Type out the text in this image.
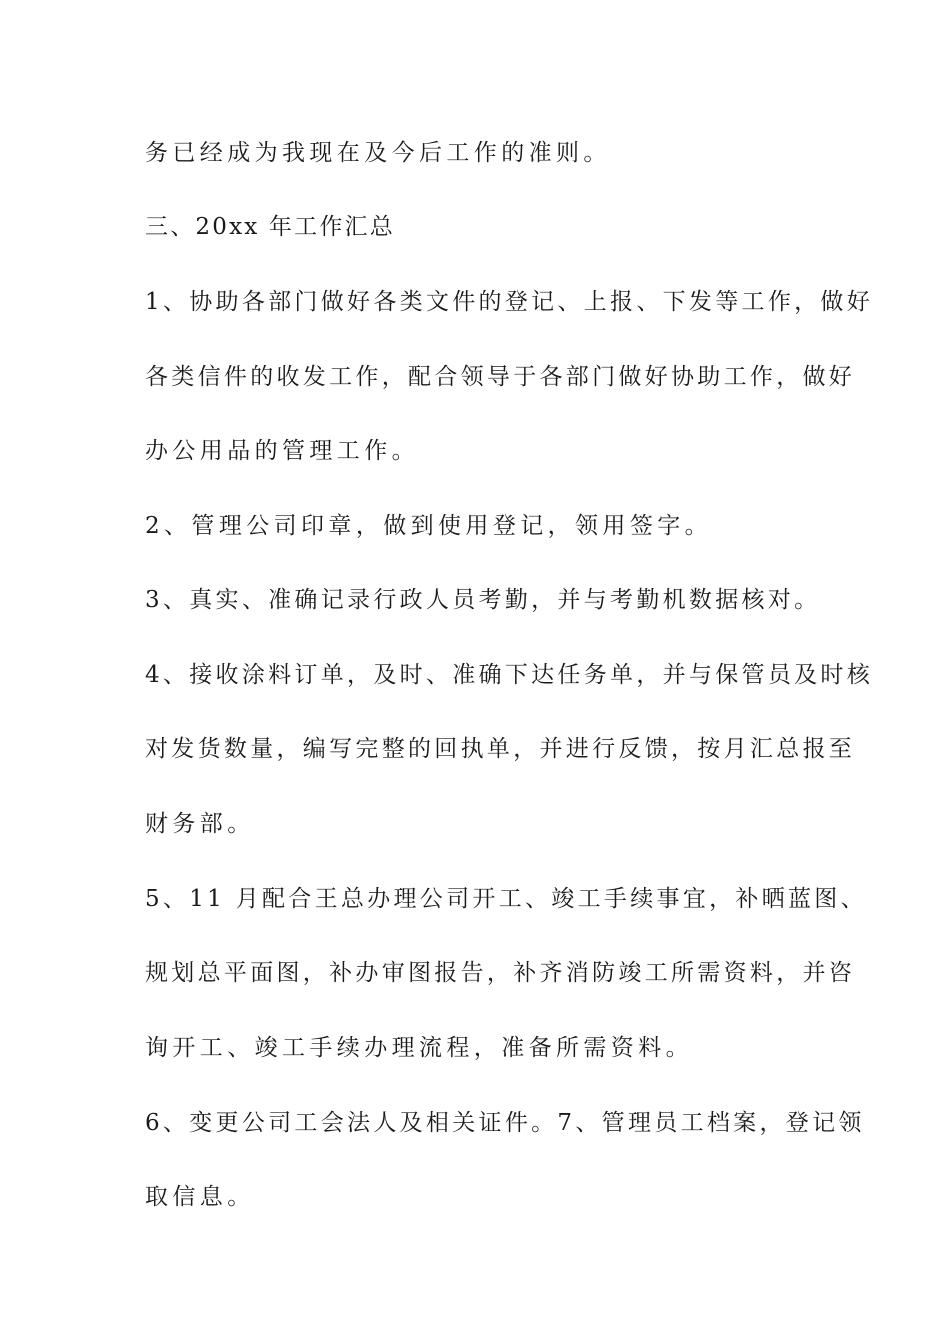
务已经成为我现在及今后工作的准则。
三、20xx 年工作汇总
1、协助各部门做好各类文件的登记、上报、下发等工作，做好
各类信件的收发工作，配合领导于各部门做好协助工作，做好
办公用品的管理工作。
2、管理公司印章，做到使用登记，领用签字。
3、真实、准确记录行政人员考勤，并与考勤机数据核对。
4、接收涂料订单，及时、准确下达任务单，并与保管员及时核
对发货数量，编写完整的回执单，并进行反馈，按月汇总报至
财务部。
5、11 月配合王总办理公司开工、竣工手续事宜，补晒蓝图、
规划总平面图，补办审图报告，补齐消防竣工所需资料，并咨
询开工、竣工手续办理流程，准备所需资料。
6、变更公司工会法人及相关证件。7、管理员工档案，登记领
取信息。
